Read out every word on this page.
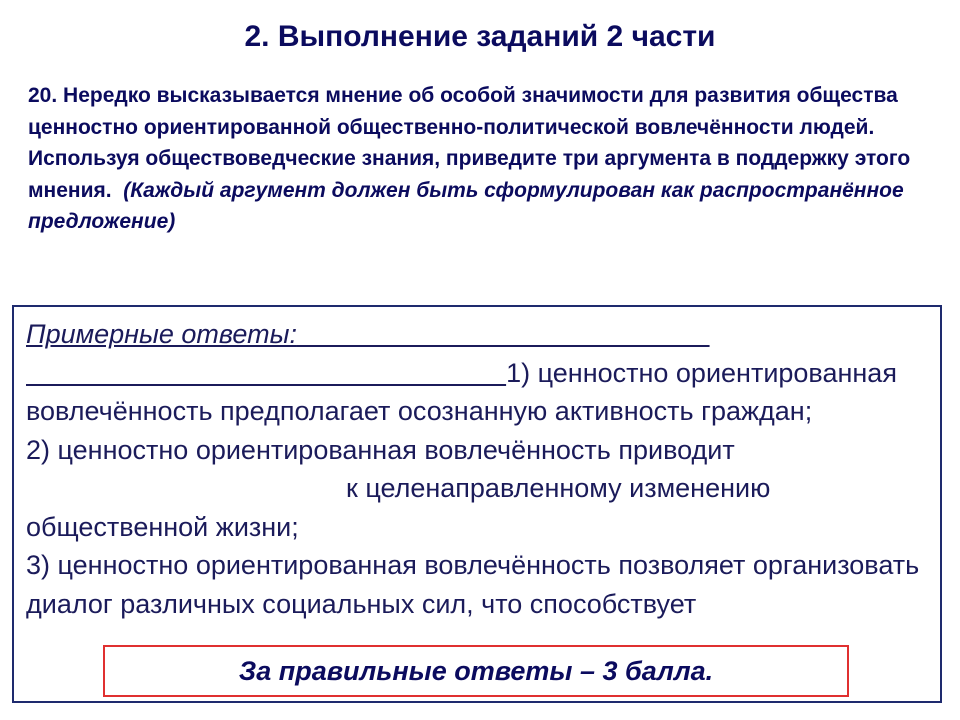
2. Выполнение заданий 2 части

20. Нередко высказывается мнение об особой значимости для развития общества ценностно ориентированной общественно-политической вовлечённости людей. Используя обществоведческие знания, приведите три аргумента в поддержку этого мнения. (Каждый аргумент должен быть сформулирован как распространённое предложение)

Примерные ответы:
1) ценностно ориентированная вовлечённость предполагает осознанную активность граждан;
2) ценностно ориентированная вовлечённость приводит
к целенаправленному изменению общественной жизни;
3) ценностно ориентированная вовлечённость позволяет организовать диалог различных социальных сил, что способствует

За правильные ответы – 3 балла.
